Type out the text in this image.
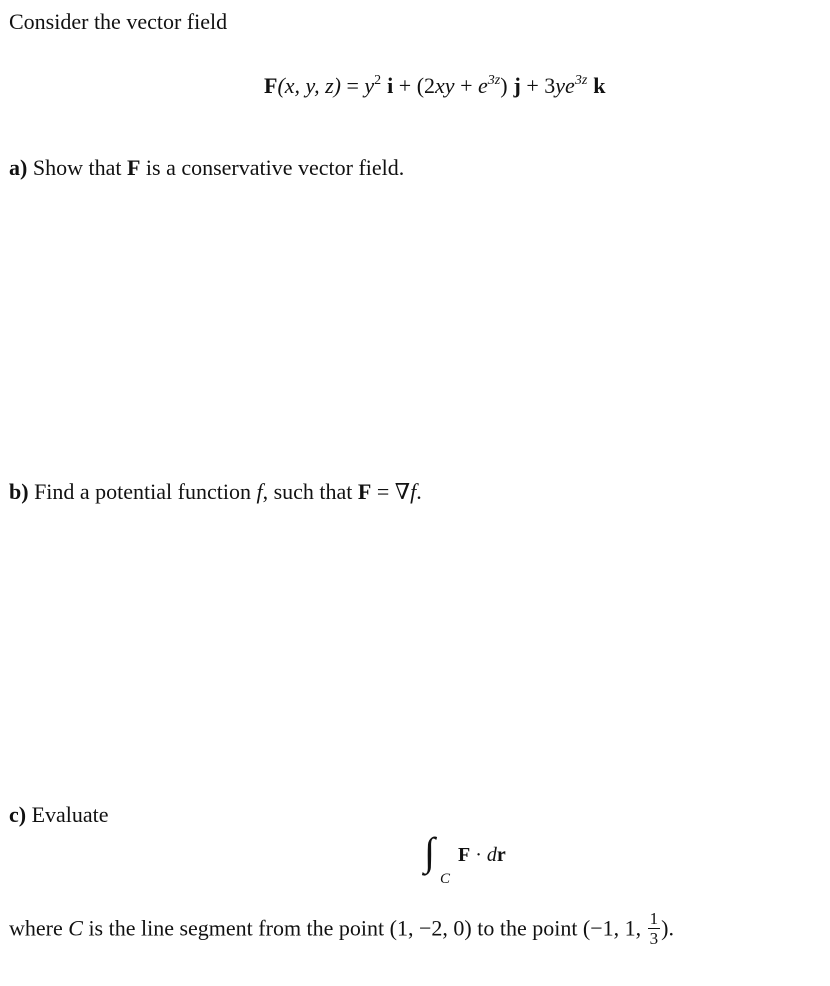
Consider the vector field
F(x, y, $z) = y^2$ $i + (2xy + e^{3z})$ $j + 3ye^{3z}$ k
a) Show that F is a conservative vector field.
b) Find a potential function f, such that F = ∇f.
c) Evaluate
∫
C
F · dr
where C is the line segment from the point (1, −2, 0) to the point (−1, 1, $\frac{1}{3}$ ).
